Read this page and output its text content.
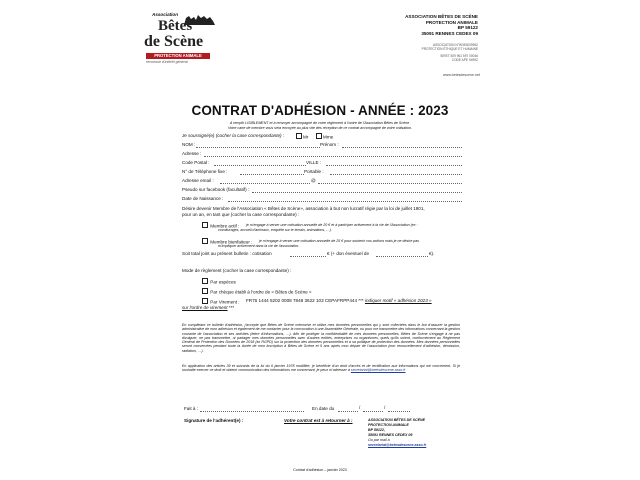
Association
Bêtes
de Scène
PROTECTION ANIMALE
reconnue d'intérêt général
ASSOCIATION BÊTES DE SCÈNE
PROTECTION ANIMALE
BP 59122
35091 RENNES CEDEX 09
ASSOCIATION N°W353009962
PROTECTION ÉTHIQUE ET HUMAINE
SIRET 509 961 597 00046
CODE APE 9499Z
www.betesdescene.net
CONTRAT D'ADHÉSION - ANNÉE : 2023
A remplir LISIBLEMENT et à renvoyer accompagné de votre règlement à l'ordre de l'Association Bêtes de Scène.
Votre carte de membre vous sera envoyée au plus vite dès réception de ce contrat accompagné de votre cotisation.
Je soussigné(e) (cocher la case correspondante) :	Mr	Mme
NOM :	Prénom :
Adresse :
Code Postal :	VILLE :
N° de Téléphone fixe :	Portable :
Adresse email :	@
Pseudo sur facebook (facultatif) :
Date de Naissance :
Désire devenir Membre de l'Association « Bêtes de Scène», association à but non lucratif régie par la loi de juillet 1901,
pour un an, en tant que (cocher la case correspondante) :
Membre actif : je m'engage à verser une cotisation annuelle de 20 € et à participer activement à la vie de l'Association (ex :
covoiturages, accueil d'animaux, enquête sur le terrain, animations, …).
Membre bienfaiteur : je m'engage à verser une cotisation annuelle de 25 € pour soutenir vos actions mais je ne désire pas
m'impliquer activement dans la vie de l'association.
Soit total joint au présent bulletin : cotisation	€ (+ don éventuel de	€).
Mode de règlement (cocher la case correspondante) :
Par espèces
Par chèque établi à l'ordre de « Bêtes de Scène »
Par Virement : FR76 1444 5202 0008 7848 3622 103 CEPAFRPP444 *** indiquer motif « adhésion 2023 »
sur l'ordre de virement ***
En complétant ce bulletin d'adhésion, j'accepte que Bêtes de Scène mémorise et utilise mes données personnelles qui y sont collectées dans le but d'assurer la gestion administrative de mon adhésion et également de me contacter pour la convocation à une Assemblée Générale, ou pour me transmettre des informations concernant la gestion courante de l'association et ses activités (lettre d'informations, …). Afin de protéger la confidentialité de mes données personnelles, Bêtes de Scène s'engage à ne pas divulguer, ne pas transmettre, ni partager mes données personnelles avec d'autres entités, entreprises ou organismes, quels qu'ils soient, conformément au Règlement Général de Protection des Données de 2018 (loi RGPD) sur la protection des données personnelles et à sa politique de protection des données. Mes données personnelles seront conservées pendant toute la durée de mon inscription à Bêtes de Scène et 5 ans après mon départ de l'association (non renouvellement d'adhésion, démission, radiation, …).
En application des articles 39 et suivants de la loi du 6 janvier 1978 modifiée, je bénéficie d'un droit d'accès et de rectification aux informations qui me concernent. Si je souhaite exercer ce droit et obtenir communication des informations me concernant, je peux m'adresser à secretariat@betesdescene.asso.fr
Fait à :	En date du	/	/
Signature de l'adhérent(e) :	Votre contrat est à retourner à :	ASSOCIATION BÊTES DE SCÈNE
PROTECTION ANIMALE
BP 59122,
35091 RENNES CEDEX 09
Ou par mail à
secretariat@betesdescene.asso.fr
Contrat d'adhésion – janvier 2023
